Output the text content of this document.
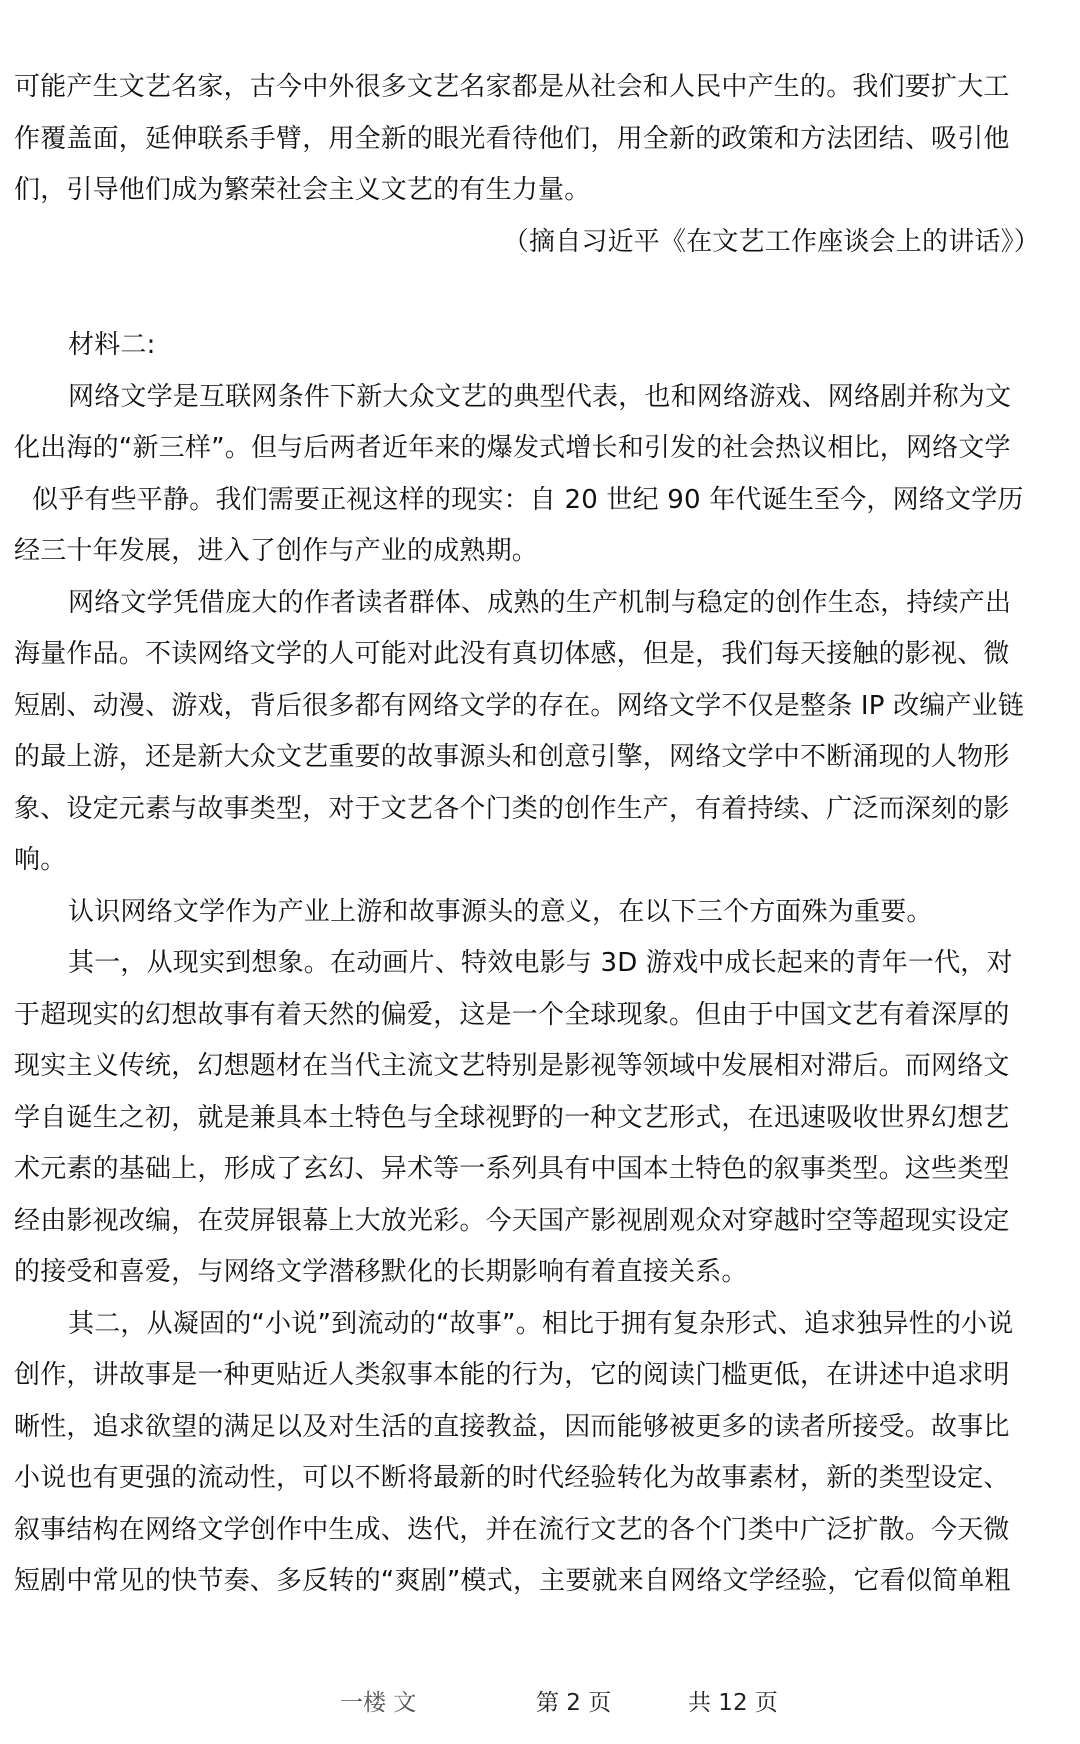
可能产生文艺名家，古今中外很多文艺名家都是从社会和人民中产生的。我们要扩大工
作覆盖面，延伸联系手臂，用全新的眼光看待他们，用全新的政策和方法团结、吸引他
们，引导他们成为繁荣社会主义文艺的有生力量。
（摘自习近平《在文艺工作座谈会上的讲话》）
材料二:
网络文学是互联网条件下新大众文艺的典型代表，也和网络游戏、网络剧并称为文
化出海的“新三样”。但与后两者近年来的爆发式增长和引发的社会热议相比，网络文学
似乎有些平静。我们需要正视这样的现实：自 20 世纪 90 年代诞生至今，网络文学历
经三十年发展，进入了创作与产业的成熟期。
网络文学凭借庞大的作者读者群体、成熟的生产机制与稳定的创作生态，持续产出
海量作品。不读网络文学的人可能对此没有真切体感，但是，我们每天接触的影视、微
短剧、动漫、游戏，背后很多都有网络文学的存在。网络文学不仅是整条 IP 改编产业链
的最上游，还是新大众文艺重要的故事源头和创意引擎，网络文学中不断涌现的人物形
象、设定元素与故事类型，对于文艺各个门类的创作生产，有着持续、广泛而深刻的影
响。
认识网络文学作为产业上游和故事源头的意义，在以下三个方面殊为重要。
其一，从现实到想象。在动画片、特效电影与 3D 游戏中成长起来的青年一代，对
于超现实的幻想故事有着天然的偏爱，这是一个全球现象。但由于中国文艺有着深厚的
现实主义传统，幻想题材在当代主流文艺特别是影视等领域中发展相对滞后。而网络文
学自诞生之初，就是兼具本土特色与全球视野的一种文艺形式，在迅速吸收世界幻想艺
术元素的基础上，形成了玄幻、异术等一系列具有中国本土特色的叙事类型。这些类型
经由影视改编，在荧屏银幕上大放光彩。今天国产影视剧观众对穿越时空等超现实设定
的接受和喜爱，与网络文学潜移默化的长期影响有着直接关系。
其二，从凝固的“小说”到流动的“故事”。相比于拥有复杂形式、追求独异性的小说
创作，讲故事是一种更贴近人类叙事本能的行为，它的阅读门槛更低，在讲述中追求明
晰性，追求欲望的满足以及对生活的直接教益，因而能够被更多的读者所接受。故事比
小说也有更强的流动性，可以不断将最新的时代经验转化为故事素材，新的类型设定、
叙事结构在网络文学创作中生成、迭代，并在流行文艺的各个门类中广泛扩散。今天微
短剧中常见的快节奏、多反转的“爽剧”模式，主要就来自网络文学经验，它看似简单粗
一楼 文	第 2 页	共 12 页
